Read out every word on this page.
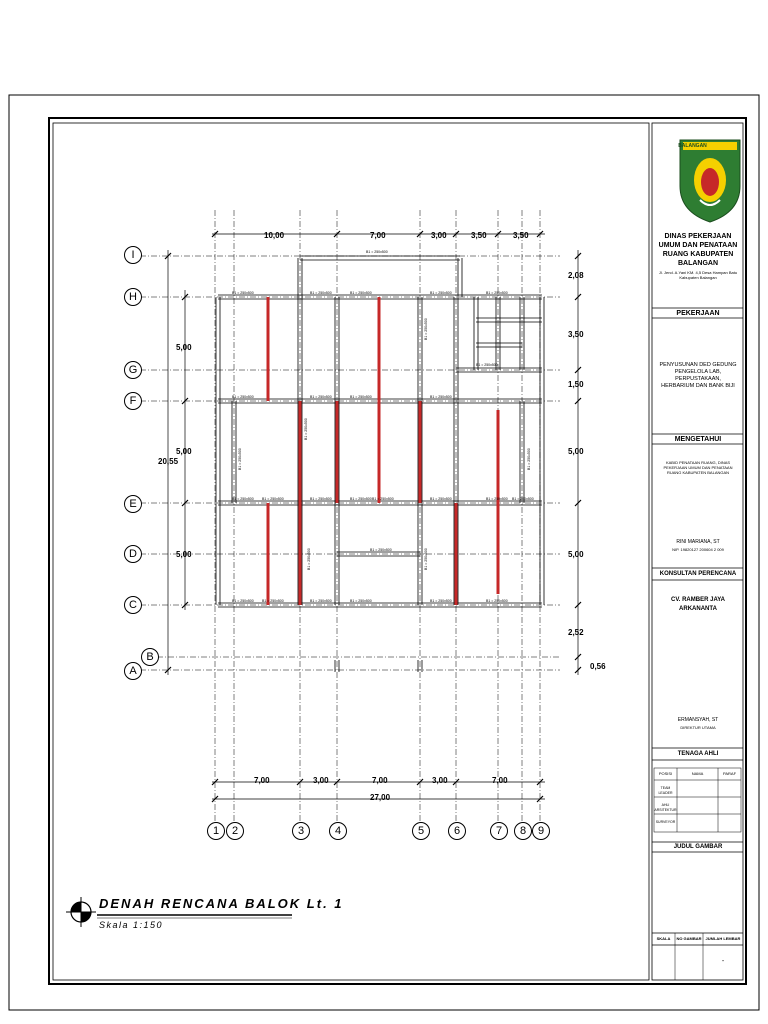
B1 = 250x500
B1 = 250x500	B1 = 250x500	B1 = 250x500	B1 = 250x500	B1 = 250x500
B1 = 250x500	B1 = 250x500	B1 = 250x500	B1 = 250x500
B1 = 250x500 B1 = 250x500	B1 = 250x500	B1 = 250x500 B1 = 250x500	B1 = 250x500	B1 = 250x500 B1 = 250x500
B1 = 250x500
B1 = 250x500 B1 = 250x500	B1 = 250x500	B1 = 250x500	B1 = 250x500	B1 = 250x500
B1 = 250x500
B1 = 250x500
B1 = 250x500
B1 = 250x500
B1 = 250x500
B1 = 250x500
B1 = 250x500
DENAH RENCANA BALOK Lt. 1
Skala 1:150
BALANGAN
DINAS PEKERJAAN UMUM DAN PENATAAN RUANG KABUPATEN BALANGAN
Jl. Jend. A.Yani KM. 4,5 Desa Hampan Batu Kabupaten Balangan
PEKERJAAN
PENYUSUNAN DED GEDUNG PENGELOLA LAB, PERPUSTAKAAN, HERBARIUM DAN BANK BIJI
MENGETAHUI
KABID PENATAAN RUANG, DINAS PEKERJAAN UMUM DAN PENATAAN RUANG KABUPATEN BALANGAN
RINI MARIANA, ST
NIP. 19820127 200604 2 009
KONSULTAN PERENCANA
CV. RAMBER JAYA ARKANANTA
ERMANSYAH, ST
DIREKTUR UTAMA
TENAGA AHLI
POSISI	NAMA	PARAF
TEAM LEADER
AHLI ARSITEKTUR
SURVEYOR
JUDUL GAMBAR
SKALA	NO GAMBAR	JUMLAH LEMBAR
-
I
H
G
F
E
D
C
B
A
1	2	3	4	5	6	7	8	9
10,00	7,00	3,00	3,50	3,50
7,00	3,00	7,00	3,00	7,00
27,00
2,08
3,50
1,50
5,00
5,00
2,52
0,56
5,00
5,00
5,00
20,55
